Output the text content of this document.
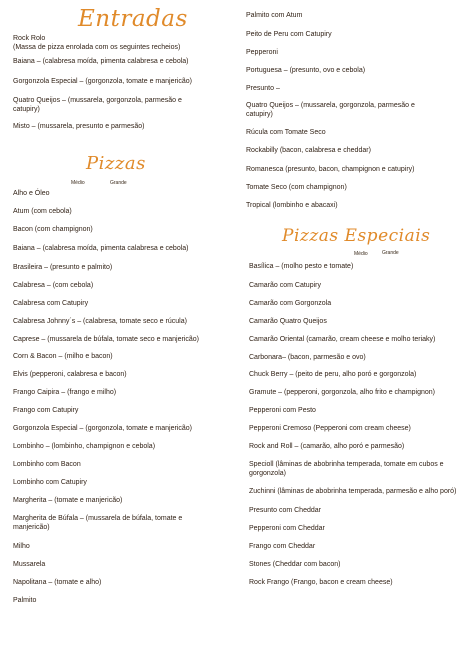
Entradas

Rock Rolo
(Massa de pizza enrolada com os seguintes recheios)

Baiana – (calabresa moída, pimenta calabresa e cebola)

Gorgonzola Especial – (gorgonzola, tomate e manjericão)

Quatro Queijos – (mussarela, gorgonzola, parmesão e
catupiry)

Misto – (mussarela, presunto e parmesão)

Pizzas
Médio	Grande

Alho e Óleo

Atum (com cebola)

Bacon (com champignon)

Baiana – (calabresa moída, pimenta calabresa e cebola)

Brasileira – (presunto e palmito)

Calabresa – (com cebola)

Calabresa com Catupiry

Calabresa Johnny´s – (calabresa, tomate seco e rúcula)

Caprese – (mussarela de búfala, tomate seco e manjericão)

Corn & Bacon – (milho e bacon)

Elvis (pepperoni, calabresa e bacon)

Frango Caipira – (frango e milho)

Frango com Catupiry

Gorgonzola Especial – (gorgonzola, tomate e manjericão)

Lombinho – (lombinho, champignon e cebola)

Lombinho com Bacon

Lombinho com Catupiry

Margherita – (tomate e manjericão)

Margherita de Búfala – (mussarela de búfala, tomate e
manjericão)

Milho

Mussarela

Napolitana – (tomate e alho)

Palmito

Palmito com Atum

Peito de Peru com Catupiry

Pepperoni

Portuguesa – (presunto, ovo e cebola)

Presunto –

Quatro Queijos – (mussarela, gorgonzola, parmesão e
catupiry)

Rúcula com Tomate Seco

Rockabilly (bacon, calabresa e cheddar)

Romanesca (presunto, bacon, champignon e catupiry)

Tomate Seco (com champignon)

Tropical (lombinho e abacaxi)

Pizzas Especiais
Médio	Grande

Basílica – (molho pesto e tomate)

Camarão com Catupiry

Camarão com Gorgonzola

Camarão Quatro Queijos

Camarão Oriental (camarão, cream cheese e molho teriaky)

Carbonara– (bacon, parmesão e ovo)

Chuck Berry – (peito de peru, alho poró e gorgonzola)

Gramute – (pepperoni, gorgonzola, alho frito e champignon)

Pepperoni com Pesto

Pepperoni Cremoso (Pepperoni com cream cheese)

Rock and Roll – (camarão, alho poró e parmesão)

Specioll (lâminas de abobrinha temperada, tomate em cubos e gorgonzola)

Zuchinni (lâminas de abobrinha temperada, parmesão e alho poró)

Presunto com Cheddar

Pepperoni com Cheddar

Frango com Cheddar

Stones (Cheddar com bacon)

Rock Frango (Frango, bacon e cream cheese)
